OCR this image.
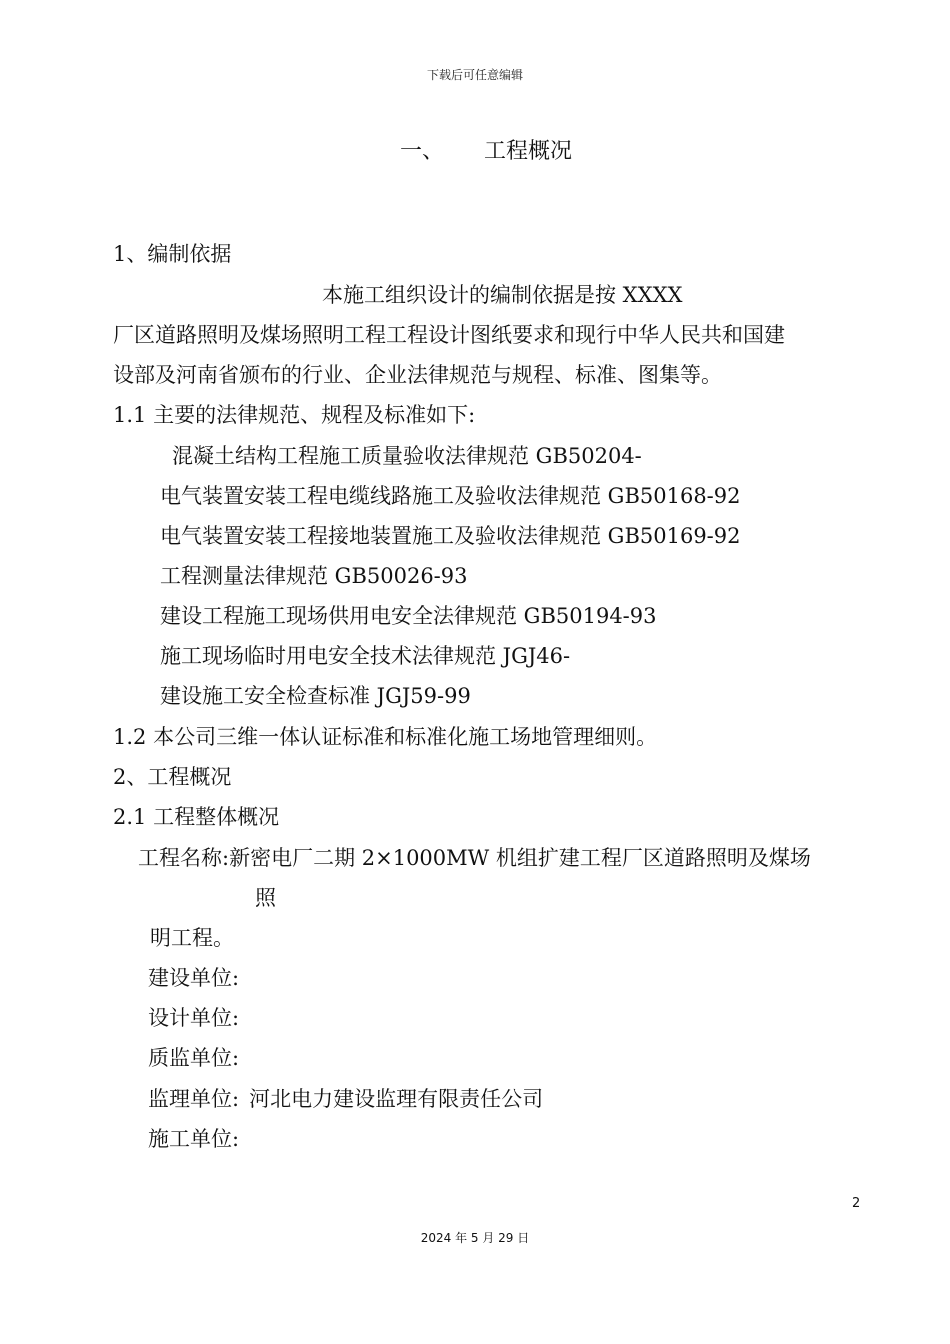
下载后可任意编辑
一、 工程概况
1、编制依据
本施工组织设计的编制依据是按 XXXX
厂区道路照明及煤场照明工程工程设计图纸要求和现行中华人民共和国建
设部及河南省颁布的行业、企业法律规范与规程、标准、图集等。
1.1 主要的法律规范、规程及标准如下:
混凝土结构工程施工质量验收法律规范 GB50204-
电气装置安装工程电缆线路施工及验收法律规范 GB50168-92
电气装置安装工程接地装置施工及验收法律规范 GB50169-92
工程测量法律规范 GB50026-93
建设工程施工现场供用电安全法律规范 GB50194-93
施工现场临时用电安全技术法律规范 JGJ46-
建设施工安全检查标准 JGJ59-99
1.2 本公司三维一体认证标准和标准化施工场地管理细则。
2、工程概况
2.1 工程整体概况
工程名称:新密电厂二期 2×1000MW 机组扩建工程厂区道路照明及煤场
照
明工程。
建设单位:
设计单位:
质监单位:
监理单位: 河北电力建设监理有限责任公司
施工单位:
2
2024 年 5 月 29 日
